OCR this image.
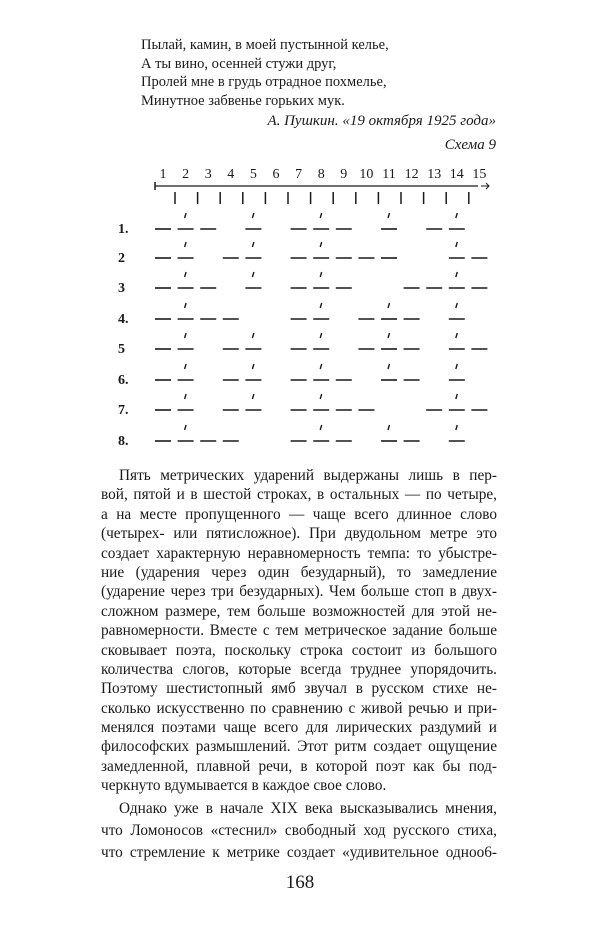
Пылай, камин, в моей пустынной келье,
А ты вино, осенней стужи друг,
Пролей мне в грудь отрадное похмелье,
Минутное забвенье горьких мук.
А. Пушкин. «19 октября 1925 года»
Схема 9
1 2 3 4 5 6 7 8 9 10 11 12 13 14 15
1.
2
3
4.
5
6.
7.
8.
Пять метрических ударений выдержаны лишь в пер-
вой, пятой и в шестой строках, в остальных — по четыре,
а на месте пропущенного — чаще всего длинное слово
(четырех- или пятисложное). При двудольном метре это
создает характерную неравномерность темпа: то убыстре-
ние (ударения через один безударный), то замедление
(ударение через три безударных). Чем больше стоп в двух-
сложном размере, тем больше возможностей для этой не-
равномерности. Вместе с тем метрическое задание больше
сковывает поэта, поскольку строка состоит из большого
количества слогов, которые всегда труднее упорядочить.
Поэтому шестистопный ямб звучал в русском стихе не-
сколько искусственно по сравнению с живой речью и при-
менялся поэтами чаще всего для лирических раздумий и
философских размышлений. Этот ритм создает ощущение
замедленной, плавной речи, в которой поэт как бы под-
черкнуто вдумывается в каждое свое слово.
Однако уже в начале XIX века высказывались мнения,
что Ломоносов «стеснил» свободный ход русского стиха,
что стремление к метрике создает «удивительное одноо6-
168
